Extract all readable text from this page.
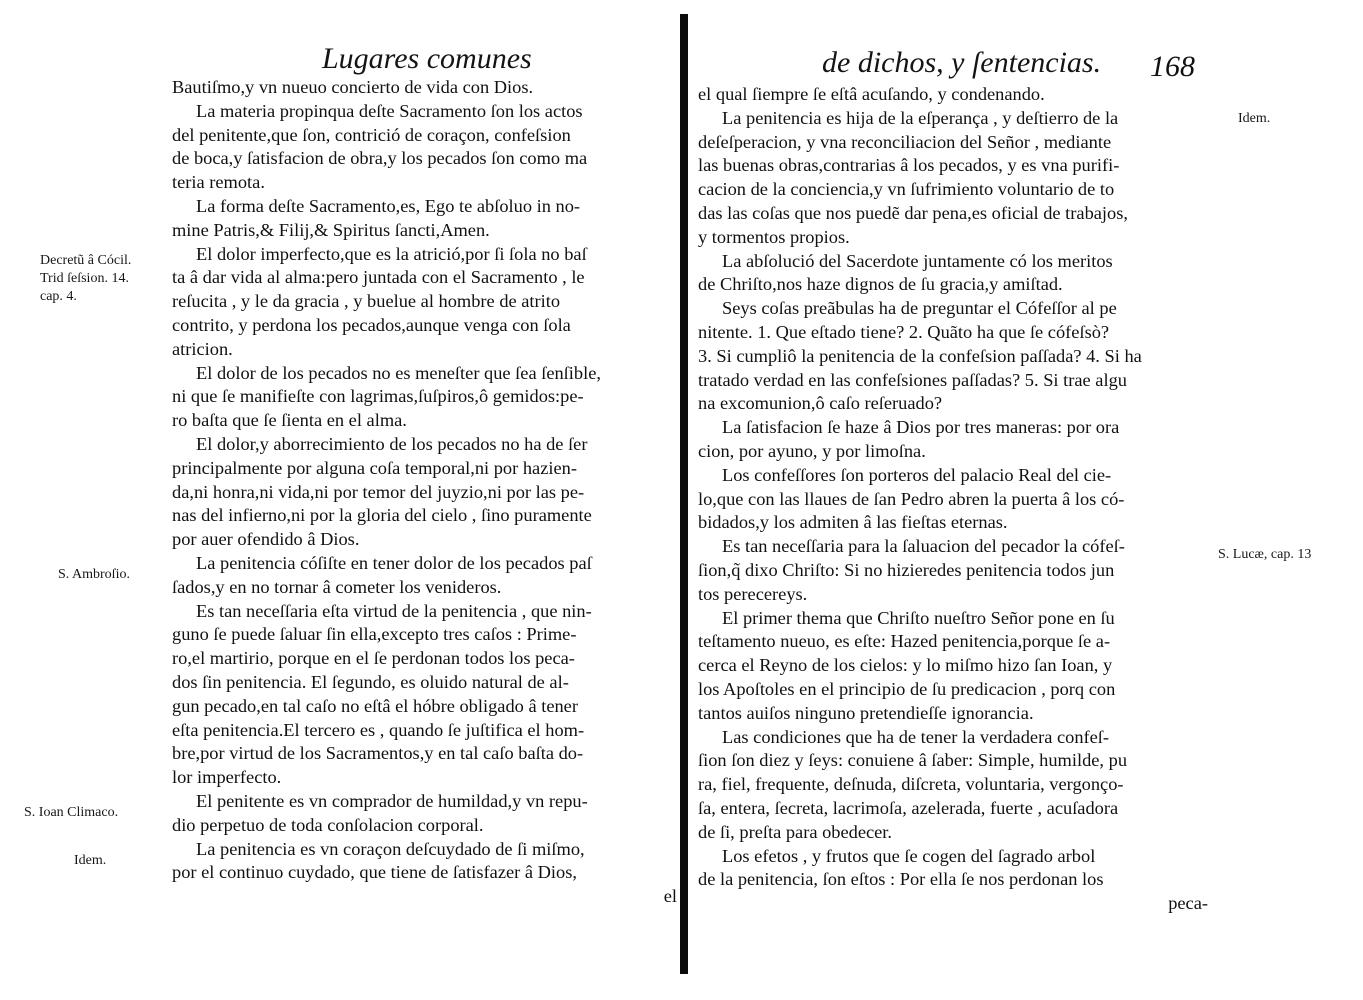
Lugares comunes
Bautiſmo,y vn nueuo concierto de vida con Dios.
La materia propinqua deſte Sacramento ſon los actos
del penitente,que ſon, contrició de coraçon, confeſsion
de boca,y ſatisfacion de obra,y los pecados ſon como ma
teria remota.
La forma deſte Sacramento,es, Ego te abſoluo in no-
mine Patris,& Filij,& Spiritus ſancti,Amen.
El dolor imperfecto,que es la atrició,por ſi ſola no baſ
ta â dar vida al alma:pero juntada con el Sacramento , le
reſucita , y le da gracia , y buelue al hombre de atrito
contrito, y perdona los pecados,aunque venga con ſola
atricion.
El dolor de los pecados no es meneſter que ſea ſenſible,
ni que ſe manifieſte con lagrimas,ſuſpiros,ô gemidos:pe-
ro baſta que ſe ſienta en el alma.
El dolor,y aborrecimiento de los pecados no ha de ſer
principalmente por alguna coſa temporal,ni por hazien-
da,ni honra,ni vida,ni por temor del juyzio,ni por las pe-
nas del infierno,ni por la gloria del cielo , ſino puramente
por auer ofendido â Dios.
La penitencia cóſiſte en tener dolor de los pecados paſ
ſados,y en no tornar â cometer los venideros.
Es tan neceſſaria eſta virtud de la penitencia , que nin-
guno ſe puede ſaluar ſin ella,excepto tres caſos : Prime-
ro,el martirio, porque en el ſe perdonan todos los peca-
dos ſin penitencia. El ſegundo, es oluido natural de al-
gun pecado,en tal caſo no eſtâ el hóbre obligado â tener
eſta penitencia.El tercero es , quando ſe juſtifica el hom-
bre,por virtud de los Sacramentos,y en tal caſo baſta do-
lor imperfecto.
El penitente es vn comprador de humildad,y vn repu-
dio perpetuo de toda conſolacion corporal.
La penitencia es vn coraçon deſcuydado de ſi miſmo,
por el continuo cuydado, que tiene de ſatisfazer â Dios,
el
Decretũ â Cócil.
Trid ſeſsion. 14.
cap. 4.
S. Ambroſio.
S. Ioan Climaco.
Idem.
de dichos, y ſentencias. 168
el qual ſiempre ſe eſtâ acuſando, y condenando.
La penitencia es hija de la eſperança , y deſtierro de la
deſeſperacion, y vna reconciliacion del Señor , mediante
las buenas obras,contrarias â los pecados, y es vna purifi-
cacion de la conciencia,y vn ſufrimiento voluntario de to
das las coſas que nos puedẽ dar pena,es oficial de trabajos,
y tormentos propios.
La abſolució del Sacerdote juntamente có los meritos
de Chriſto,nos haze dignos de ſu gracia,y amiſtad.
Seys coſas preãbulas ha de preguntar el Cófeſſor al pe
nitente. 1. Que eſtado tiene? 2. Quãto ha que ſe cófeſsò?
3. Si cumpliô la penitencia de la confeſsion paſſada? 4. Si ha
tratado verdad en las confeſsiones paſſadas? 5. Si trae algu
na excomunion,ô caſo reſeruado?
La ſatisfacion ſe haze â Dios por tres maneras: por ora
cion, por ayuno, y por limoſna.
Los confeſſores ſon porteros del palacio Real del cie-
lo,que con las llaues de ſan Pedro abren la puerta â los có-
bidados,y los admiten â las fieſtas eternas.
Es tan neceſſaria para la ſaluacion del pecador la cófeſ-
ſion,q̃ dixo Chriſto: Si no hizieredes penitencia todos jun
tos perecereys.
El primer thema que Chriſto nueſtro Señor pone en ſu
teſtamento nueuo, es eſte: Hazed penitencia,porque ſe a-
cerca el Reyno de los cielos: y lo miſmo hizo ſan Ioan, y
los Apoſtoles en el principio de ſu predicacion , porq con
tantos auiſos ninguno pretendieſſe ignorancia.
Las condiciones que ha de tener la verdadera confeſ-
ſion ſon diez y ſeys: conuiene â ſaber: Simple, humilde, pu
ra, fiel, frequente, deſnuda, diſcreta, voluntaria, vergonço-
ſa, entera, ſecreta, lacrimoſa, azelerada, fuerte , acuſadora
de ſi, preſta para obedecer.
Los efetos , y frutos que ſe cogen del ſagrado arbol
de la penitencia, ſon eſtos : Por ella ſe nos perdonan los
peca-
Idem.
S. Lucæ, cap. 13
